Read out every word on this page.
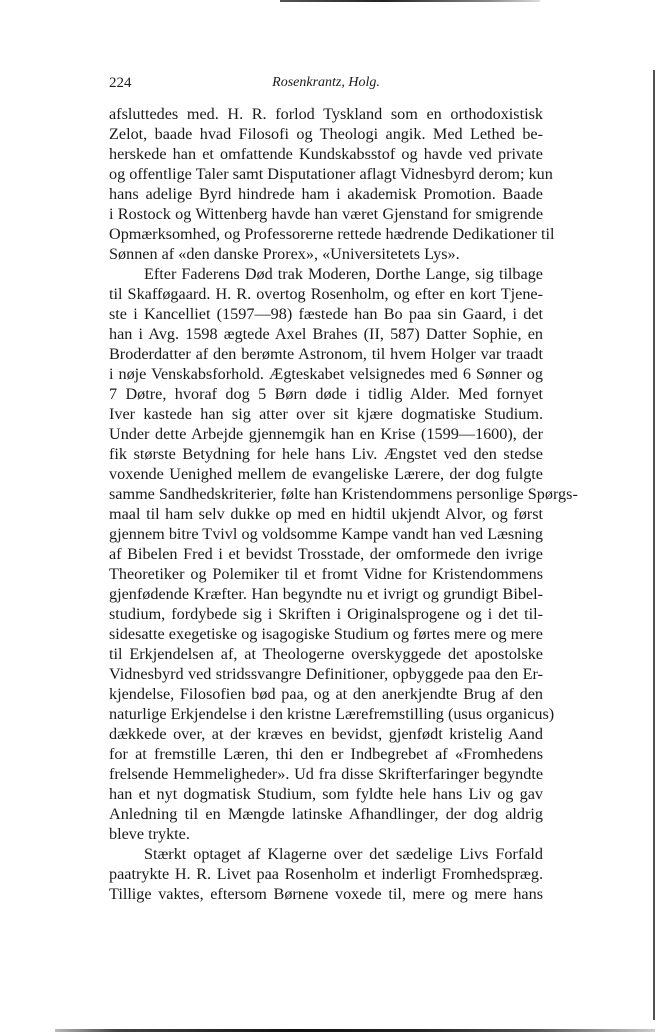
224	Rosenkrantz, Holg.
afsluttedes med. H. R. forlod Tyskland som en orthodoxistisk
Zelot, baade hvad Filosofi og Theologi angik. Med Lethed be-
herskede han et omfattende Kundskabsstof og havde ved private
og offentlige Taler samt Disputationer aflagt Vidnesbyrd derom; kun
hans adelige Byrd hindrede ham i akademisk Promotion. Baade
i Rostock og Wittenberg havde han været Gjenstand for smigrende
Opmærksomhed, og Professorerne rettede hædrende Dedikationer til
Sønnen af «den danske Prorex», «Universitetets Lys».
Efter Faderens Død trak Moderen, Dorthe Lange, sig tilbage
til Skafføgaard. H. R. overtog Rosenholm, og efter en kort Tjene-
ste i Kancelliet (1597—98) fæstede han Bo paa sin Gaard, i det
han i Avg. 1598 ægtede Axel Brahes (II, 587) Datter Sophie, en
Broderdatter af den berømte Astronom, til hvem Holger var traadt
i nøje Venskabsforhold. Ægteskabet velsignedes med 6 Sønner og
7 Døtre, hvoraf dog 5 Børn døde i tidlig Alder. Med fornyet
Iver kastede han sig atter over sit kjære dogmatiske Studium.
Under dette Arbejde gjennemgik han en Krise (1599—1600), der
fik største Betydning for hele hans Liv. Ængstet ved den stedse
voxende Uenighed mellem de evangeliske Lærere, der dog fulgte
samme Sandhedskriterier, følte han Kristendommens personlige Spørgs-
maal til ham selv dukke op med en hidtil ukjendt Alvor, og først
gjennem bitre Tvivl og voldsomme Kampe vandt han ved Læsning
af Bibelen Fred i et bevidst Trosstade, der omformede den ivrige
Theoretiker og Polemiker til et fromt Vidne for Kristendommens
gjenfødende Kræfter. Han begyndte nu et ivrigt og grundigt Bibel-
studium, fordybede sig i Skriften i Originalsprogene og i det til-
sidesatte exegetiske og isagogiske Studium og førtes mere og mere
til Erkjendelsen af, at Theologerne overskyggede det apostolske
Vidnesbyrd ved stridssvangre Definitioner, opbyggede paa den Er-
kjendelse, Filosofien bød paa, og at den anerkjendte Brug af den
naturlige Erkjendelse i den kristne Lærefremstilling (usus organicus)
dækkede over, at der kræves en bevidst, gjenfødt kristelig Aand
for at fremstille Læren, thi den er Indbegrebet af «Fromhedens
frelsende Hemmeligheder». Ud fra disse Skrifterfaringer begyndte
han et nyt dogmatisk Studium, som fyldte hele hans Liv og gav
Anledning til en Mængde latinske Afhandlinger, der dog aldrig
bleve trykte.
Stærkt optaget af Klagerne over det sædelige Livs Forfald
paatrykte H. R. Livet paa Rosenholm et inderligt Fromhedspræg.
Tillige vaktes, eftersom Børnene voxede til, mere og mere hans
